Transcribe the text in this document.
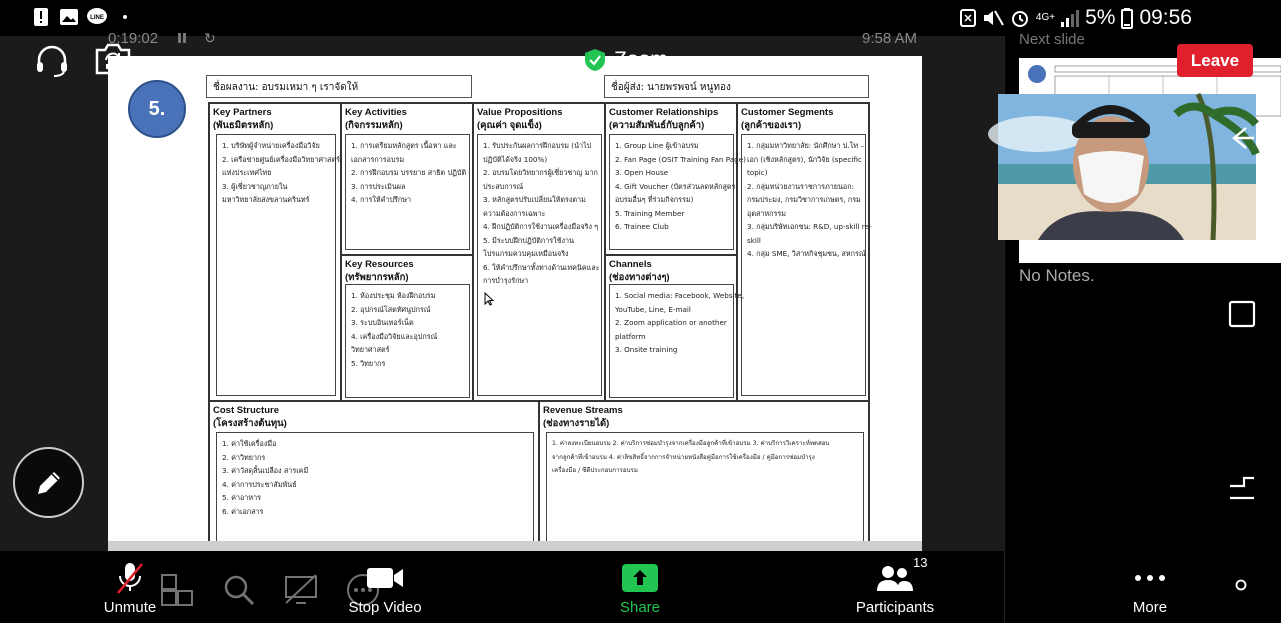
LINE	4G+ 5% 09:56
0:19:02	↻	9:58 AM
5.
ชื่อผลงาน: อบรมเหมา ๆ เราจัดให้	ชื่อผู้ส่ง: นายพรพจน์ หนูทอง
Key Partners
(พันธมิตรหลัก)

1. บริษัทผู้จำหน่ายเครื่องมือวิจัย

2. เครือข่ายศูนย์เครื่องมือวิทยาศาสตร์

แห่งประเทศไทย

3. ผู้เชี่ยวชาญภายใน

มหาวิทยาลัยสงขลานครินทร์

Key Activities
(กิจกรรมหลัก)

1. การเตรียมหลักสูตร เนื้อหา และ

เอกสารการอบรม

2. การฝึกอบรม บรรยาย สาธิต ปฏิบัติ

3. การประเมินผล

4. การให้คำปรึกษา

Key Resources
(ทรัพยากรหลัก)

1. ห้องประชุม ห้องฝึกอบรม

2. อุปกรณ์โสตทัศนูปกรณ์

3. ระบบอินเทอร์เน็ต

4. เครื่องมือวิจัยและอุปกรณ์

วิทยาศาสตร์

5. วิทยากร

Value Propositions
(คุณค่า จุดแข็ง)

1. รับประกันผลการฝึกอบรม (นำไป

ปฏิบัติได้จริง 100%)

2. อบรมโดยวิทยากรผู้เชี่ยวชาญ มาก

ประสบการณ์

3. หลักสูตรปรับเปลี่ยนให้ตรงตาม

ความต้องการเฉพาะ

4. ฝึกปฏิบัติการใช้งานเครื่องมือจริง ๆ

5. มีระบบฝึกปฏิบัติการใช้งาน

โปรแกรมควบคุมเหมือนจริง

6. ให้คำปรึกษาทั้งทางด้านเทคนิคและ

การบำรุงรักษา

Customer Relationships
(ความสัมพันธ์กับลูกค้า)

1. Group Line ผู้เข้าอบรม

2. Fan Page (OSIT Training Fan Page)

3. Open House

4. Gift Voucher (บัตรส่วนลดหลักสูตร

อบรมอื่นๆ ที่ร่วมกิจกรรม)

5. Training Member

6. Trainee Club

Channels
(ช่องทางต่างๆ)

1. Social media: Facebook, Website,

YouTube, Line, E-mail

2. Zoom application or another

platform

3. Onsite training

Customer Segments
(ลูกค้าของเรา)

1. กลุ่มมหาวิทยาลัย: นักศึกษา ป.โท –

เอก (เชิงหลักสูตร), นักวิจัย (specific

topic)

2. กลุ่มหน่วยงานราชการภายนอก:

กรมประมง, กรมวิชาการเกษตร, กรม

อุตสาหกรรม

3. กลุ่มบริษัทเอกชน: R&D, up-skill re-

skill

4. กลุ่ม SME, วิสาหกิจชุมชน, สหกรณ์

Cost Structure
(โครงสร้างต้นทุน)

1. ค่าใช้เครื่องมือ

2. ค่าวิทยากร

3. ค่าวัสดุสิ้นเปลือง สารเคมี

4. ค่าการประชาสัมพันธ์

5. ค่าอาหาร

6. ค่าเอกสาร

Revenue Streams
(ช่องทางรายได้)

1. ค่าลงทะเบียนอบรม 2. ค่าบริการซ่อมบำรุงจากเครื่องมือลูกค้าที่เข้าอบรม 3. ค่าบริการวิเคราะห์ทดสอบ

จากลูกค้าที่เข้าอบรม 4. ค่าลิขสิทธิ์จากการจำหน่ายหนังสือคู่มือการใช้เครื่องมือ / คู่มือการซ่อมบำรุง

เครื่องมือ / ซีดีประกอบการอบรม

Zoom
Next slide
No Notes.
Leave
Unmute	Stop Video	Share
13
Participants	More
